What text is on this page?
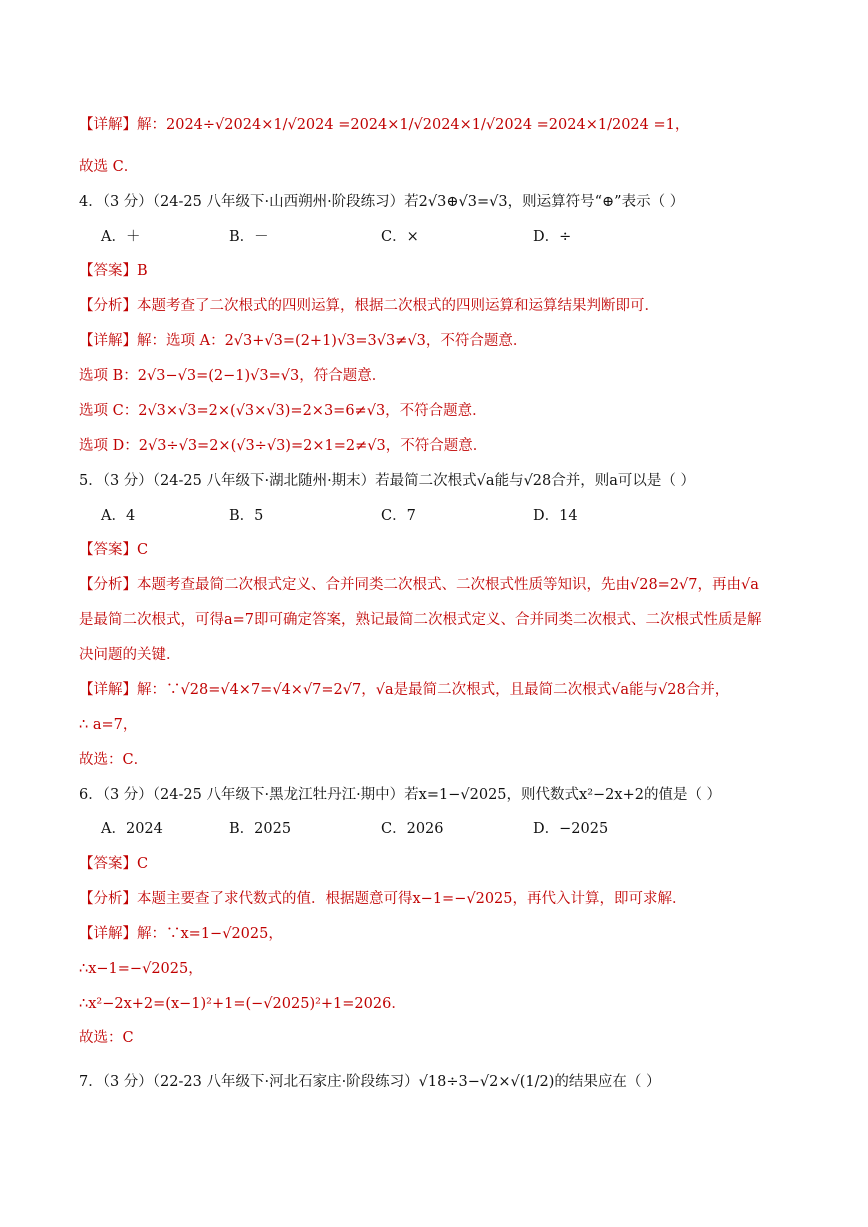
【详解】解：2024÷√2024×1/√2024 =2024×1/√2024×1/√2024 =2024×1/2024 =1，
故选 C．
4．（3 分）（24-25 八年级下·山西朔州·阶段练习）若2√3⊕√3=√3，则运算符号“⊕”表示（ ）
A．＋	B．－	C．×	D．÷
【答案】B
【分析】本题考查了二次根式的四则运算，根据二次根式的四则运算和运算结果判断即可．
【详解】解：选项 A：2√3+√3=(2+1)√3=3√3≠√3，不符合题意．
选项 B：2√3−√3=(2−1)√3=√3，符合题意．
选项 C：2√3×√3=2×(√3×√3)=2×3=6≠√3，不符合题意．
选项 D：2√3÷√3=2×(√3÷√3)=2×1=2≠√3，不符合题意．
5．（3 分）（24-25 八年级下·湖北随州·期末）若最简二次根式√a能与√28合并，则a可以是（ ）
A．4	B．5	C．7	D．14
【答案】C
【分析】本题考查最简二次根式定义、合并同类二次根式、二次根式性质等知识，先由√28=2√7，再由√a
是最简二次根式，可得a=7即可确定答案，熟记最简二次根式定义、合并同类二次根式、二次根式性质是解
决问题的关键．
【详解】解：∵√28=√4×7=√4×√7=2√7，√a是最简二次根式，且最简二次根式√a能与√28合并，
∴ a=7，
故选：C．
6．（3 分）（24-25 八年级下·黑龙江牡丹江·期中）若x=1−√2025，则代数式x²−2x+2的值是（ ）
A．2024	B．2025	C．2026	D．−2025
【答案】C
【分析】本题主要查了求代数式的值．根据题意可得x−1=−√2025，再代入计算，即可求解．
【详解】解：∵x=1−√2025，
∴x−1=−√2025，
∴x²−2x+2=(x−1)²+1=(−√2025)²+1=2026．
故选：C
7．（3 分）（22-23 八年级下·河北石家庄·阶段练习）√18÷3−√2×√(1/2)的结果应在（ ）
